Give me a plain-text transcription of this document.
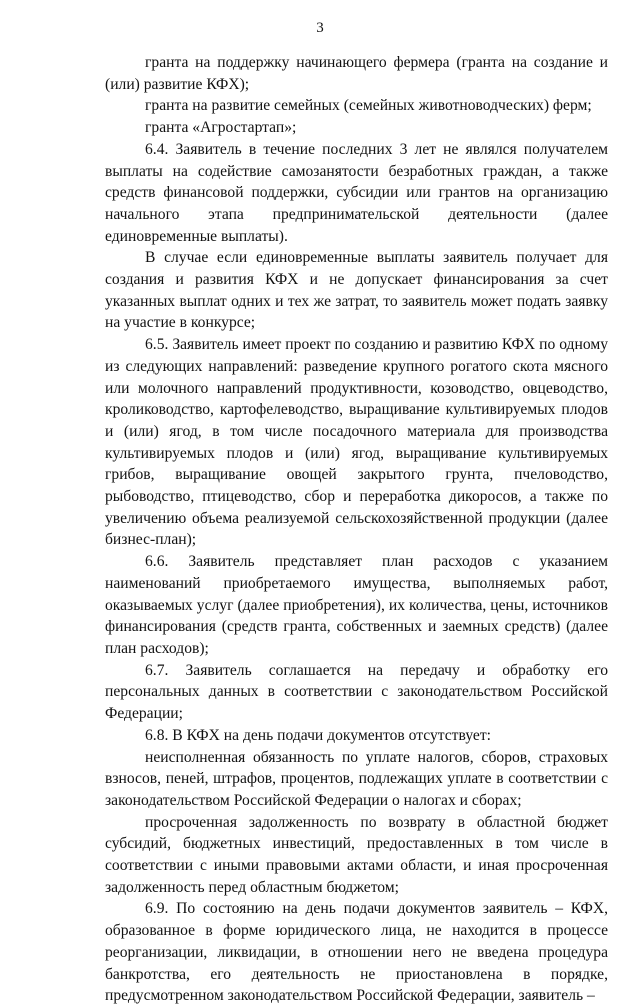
3

гранта на поддержку начинающего фермера (гранта на создание и (или) развитие КФХ);

гранта на развитие семейных (семейных животноводческих) ферм;

гранта «Агростартап»;

6.4. Заявитель в течение последних 3 лет не являлся получателем выплаты на содействие самозанятости безработных граждан, а также средств финансовой поддержки, субсидии или грантов на организацию начального этапа предпринимательской деятельности (далее единовременные выплаты).

В случае если единовременные выплаты заявитель получает для создания и развития КФХ и не допускает финансирования за счет указанных выплат одних и тех же затрат, то заявитель может подать заявку на участие в конкурсе;

6.5. Заявитель имеет проект по созданию и развитию КФХ по одному из следующих направлений: разведение крупного рогатого скота мясного или молочного направлений продуктивности, козоводство, овцеводство, кролиководство, картофелеводство, выращивание культивируемых плодов и (или) ягод, в том числе посадочного материала для производства культивируемых плодов и (или) ягод, выращивание культивируемых грибов, выращивание овощей закрытого грунта, пчеловодство, рыбоводство, птицеводство, сбор и переработка дикоросов, а также по увеличению объема реализуемой сельскохозяйственной продукции (далее бизнес-план);

6.6. Заявитель представляет план расходов с указанием наименований приобретаемого имущества, выполняемых работ, оказываемых услуг (далее приобретения), их количества, цены, источников финансирования (средств гранта, собственных и заемных средств) (далее план расходов);

6.7. Заявитель соглашается на передачу и обработку его персональных данных в соответствии с законодательством Российской Федерации;

6.8. В КФХ на день подачи документов отсутствует:

неисполненная обязанность по уплате налогов, сборов, страховых взносов, пеней, штрафов, процентов, подлежащих уплате в соответствии с законодательством Российской Федерации о налогах и сборах;

просроченная задолженность по возврату в областной бюджет субсидий, бюджетных инвестиций, предоставленных в том числе в соответствии с иными правовыми актами области, и иная просроченная задолженность перед областным бюджетом;

6.9. По состоянию на день подачи документов заявитель – КФХ, образованное в форме юридического лица, не находится в процессе реорганизации, ликвидации, в отношении него не введена процедура банкротства, его деятельность не приостановлена в порядке, предусмотренном законодательством Российской Федерации, заявитель –
